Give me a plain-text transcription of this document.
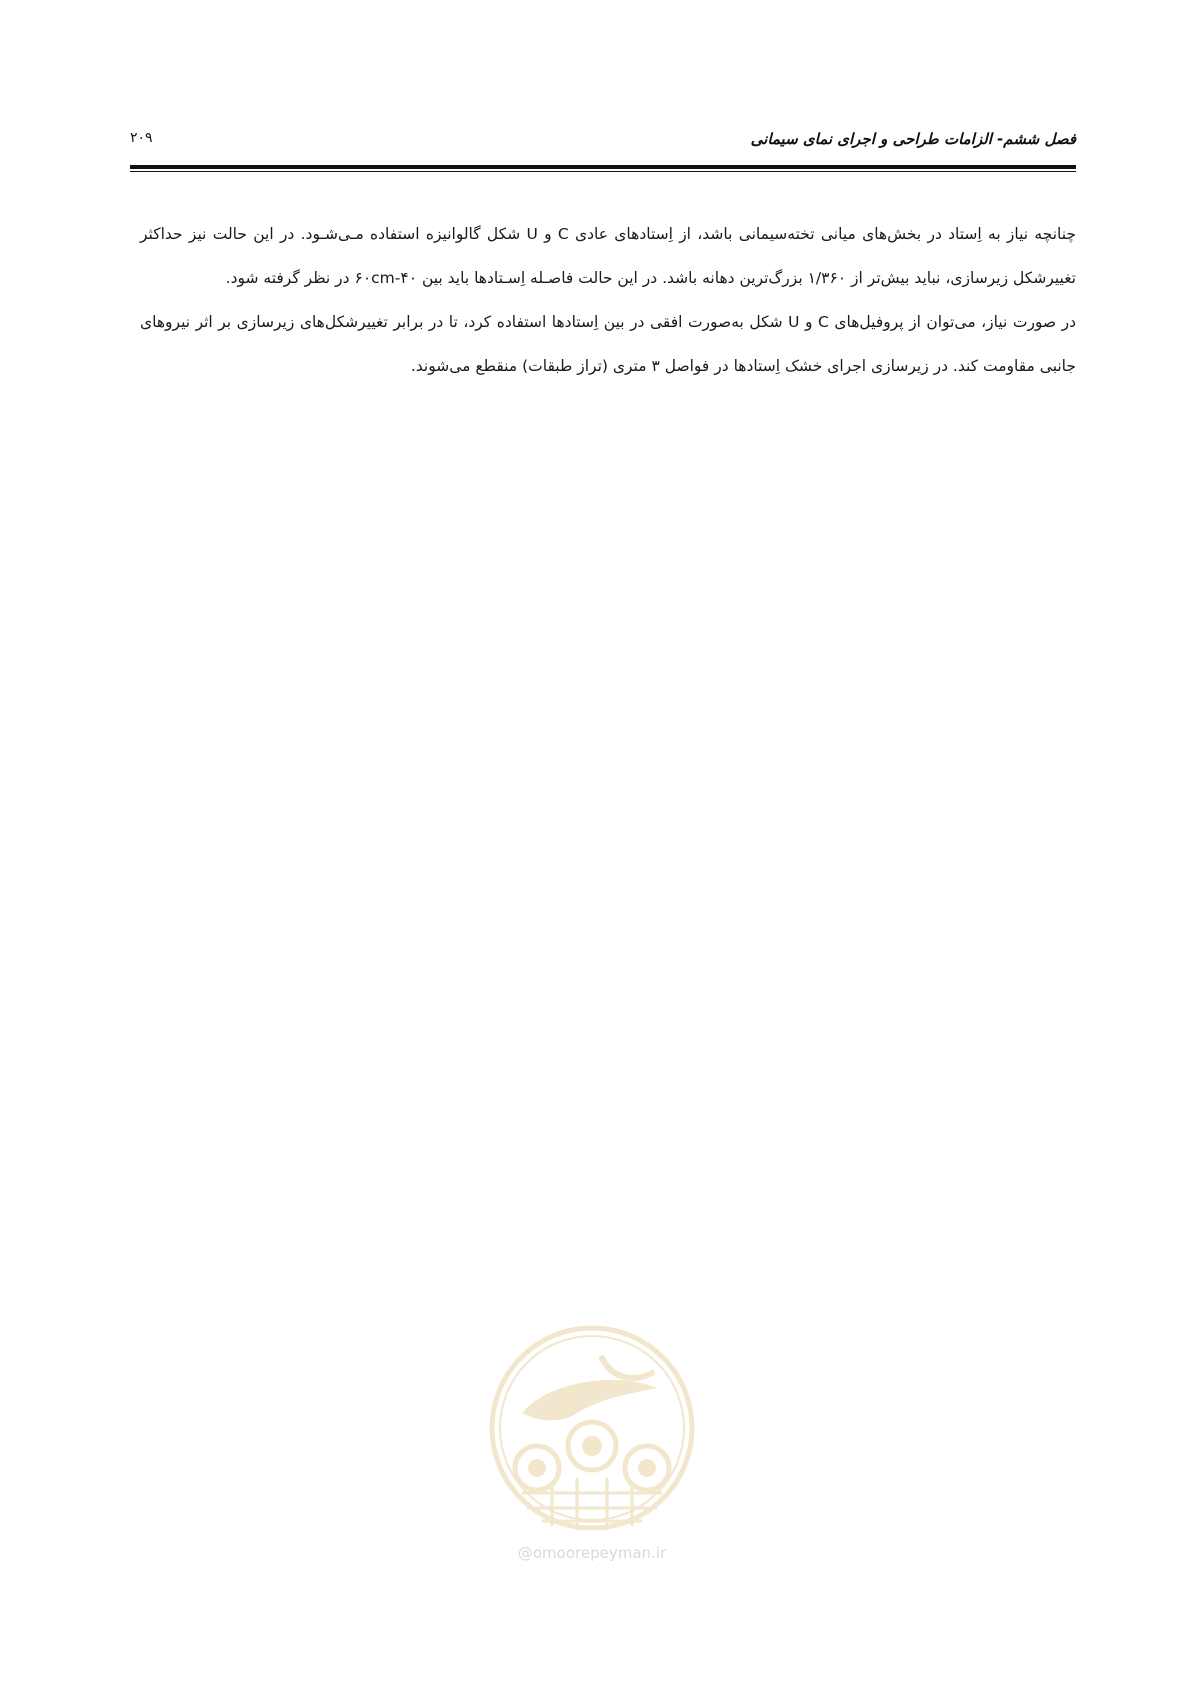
فصل ششم- الزامات طراحی و اجرای نمای سیمانی
۲۰۹

چنانچه نیاز به اِستاد در بخش‌های میانی تخته‌سیمانی باشد، از اِستادهای عادی C و U شکل گالوانیزه استفاده مـی‌شـود. در این حالت نیز حداکثر تغییرشکل زیرسازی، نباید بیش‌تر از ۱/۳۶۰ بزرگ‌ترین دهانه باشد. در این حالت فاصـله اِسـتادها باید بین ۴۰-۶۰cm در نظر گرفته شود.

در صورت نیاز، می‌توان از پروفیل‌های C و U شکل به‌صورت افقی در بین اِستادها استفاده کرد، تا در برابر تغییرشکل‌های زیرسازی بر اثر نیروهای جانبی مقاومت کند. در زیرسازی اجرای خشک اِستادها در فواصل ۳ متری (تراز طبقات) منقطع می‌شوند.

@omoorepeyman.ir
